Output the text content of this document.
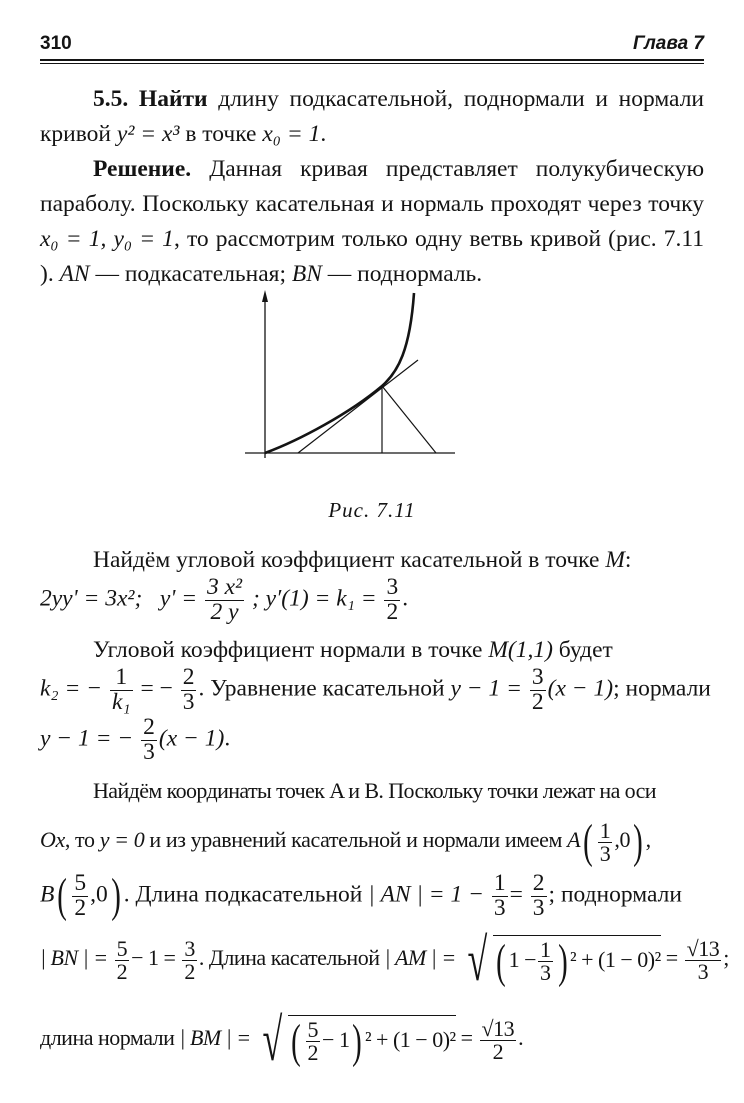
310	Глава 7
5.5. Найти длину подкасательной, поднормали и нормали кривой y² = x³ в точке x₀ = 1.
Решение. Данная кривая представляет полукубическую параболу. Поскольку касательная и нормаль проходят через точку x₀ = 1, y₀ = 1, то рассмотрим только одну ветвь кривой (рис. 7.11 ). AN — подкасательная; BN — поднормаль.
Рис. 7.11
Найдём угловой коэффициент касательной в точке M:
2yy' = 3x²; $y' = \frac{\text{3 x²}}{2 y}$ ; $y'(1) = k_1 = \frac{3}{2}$ .
Угловой коэффициент нормали в точке M(1,1) будет
k₂ = − $\frac{1}{\text{k₁}}$ = − $\frac{2}{3}$ . Уравнение касательной $y - 1 = \frac{3}{2} (x - 1)$; нормали
y − 1 = − $\frac{2}{3} (x - 1)$.
Найдём координаты точек A и B. Поскольку точки лежат на оси
Ox, то y = 0 и из уравнений касательной и нормали имеем $A( \frac{1}{3} ,0)$ ,
$B( \frac{5}{2} ,0)$ . Длина подкасательной | AN | = $1 - \frac{1}{3} = \frac{2}{3}$ ; поднормали
| BN | = $\frac{5}{2} - 1 = \frac{3}{2}$ . Длина касательной | AM | = √ ( $1 - \frac{1}{3}$ ) $^2 + (1 - 0)^2 = \frac{√13}{3}$ ;
длина нормали | BM | = √ ( $\frac{5}{2} - 1$) $^2 + (1 - 0)^2 = \frac{√13}{2}$ .
